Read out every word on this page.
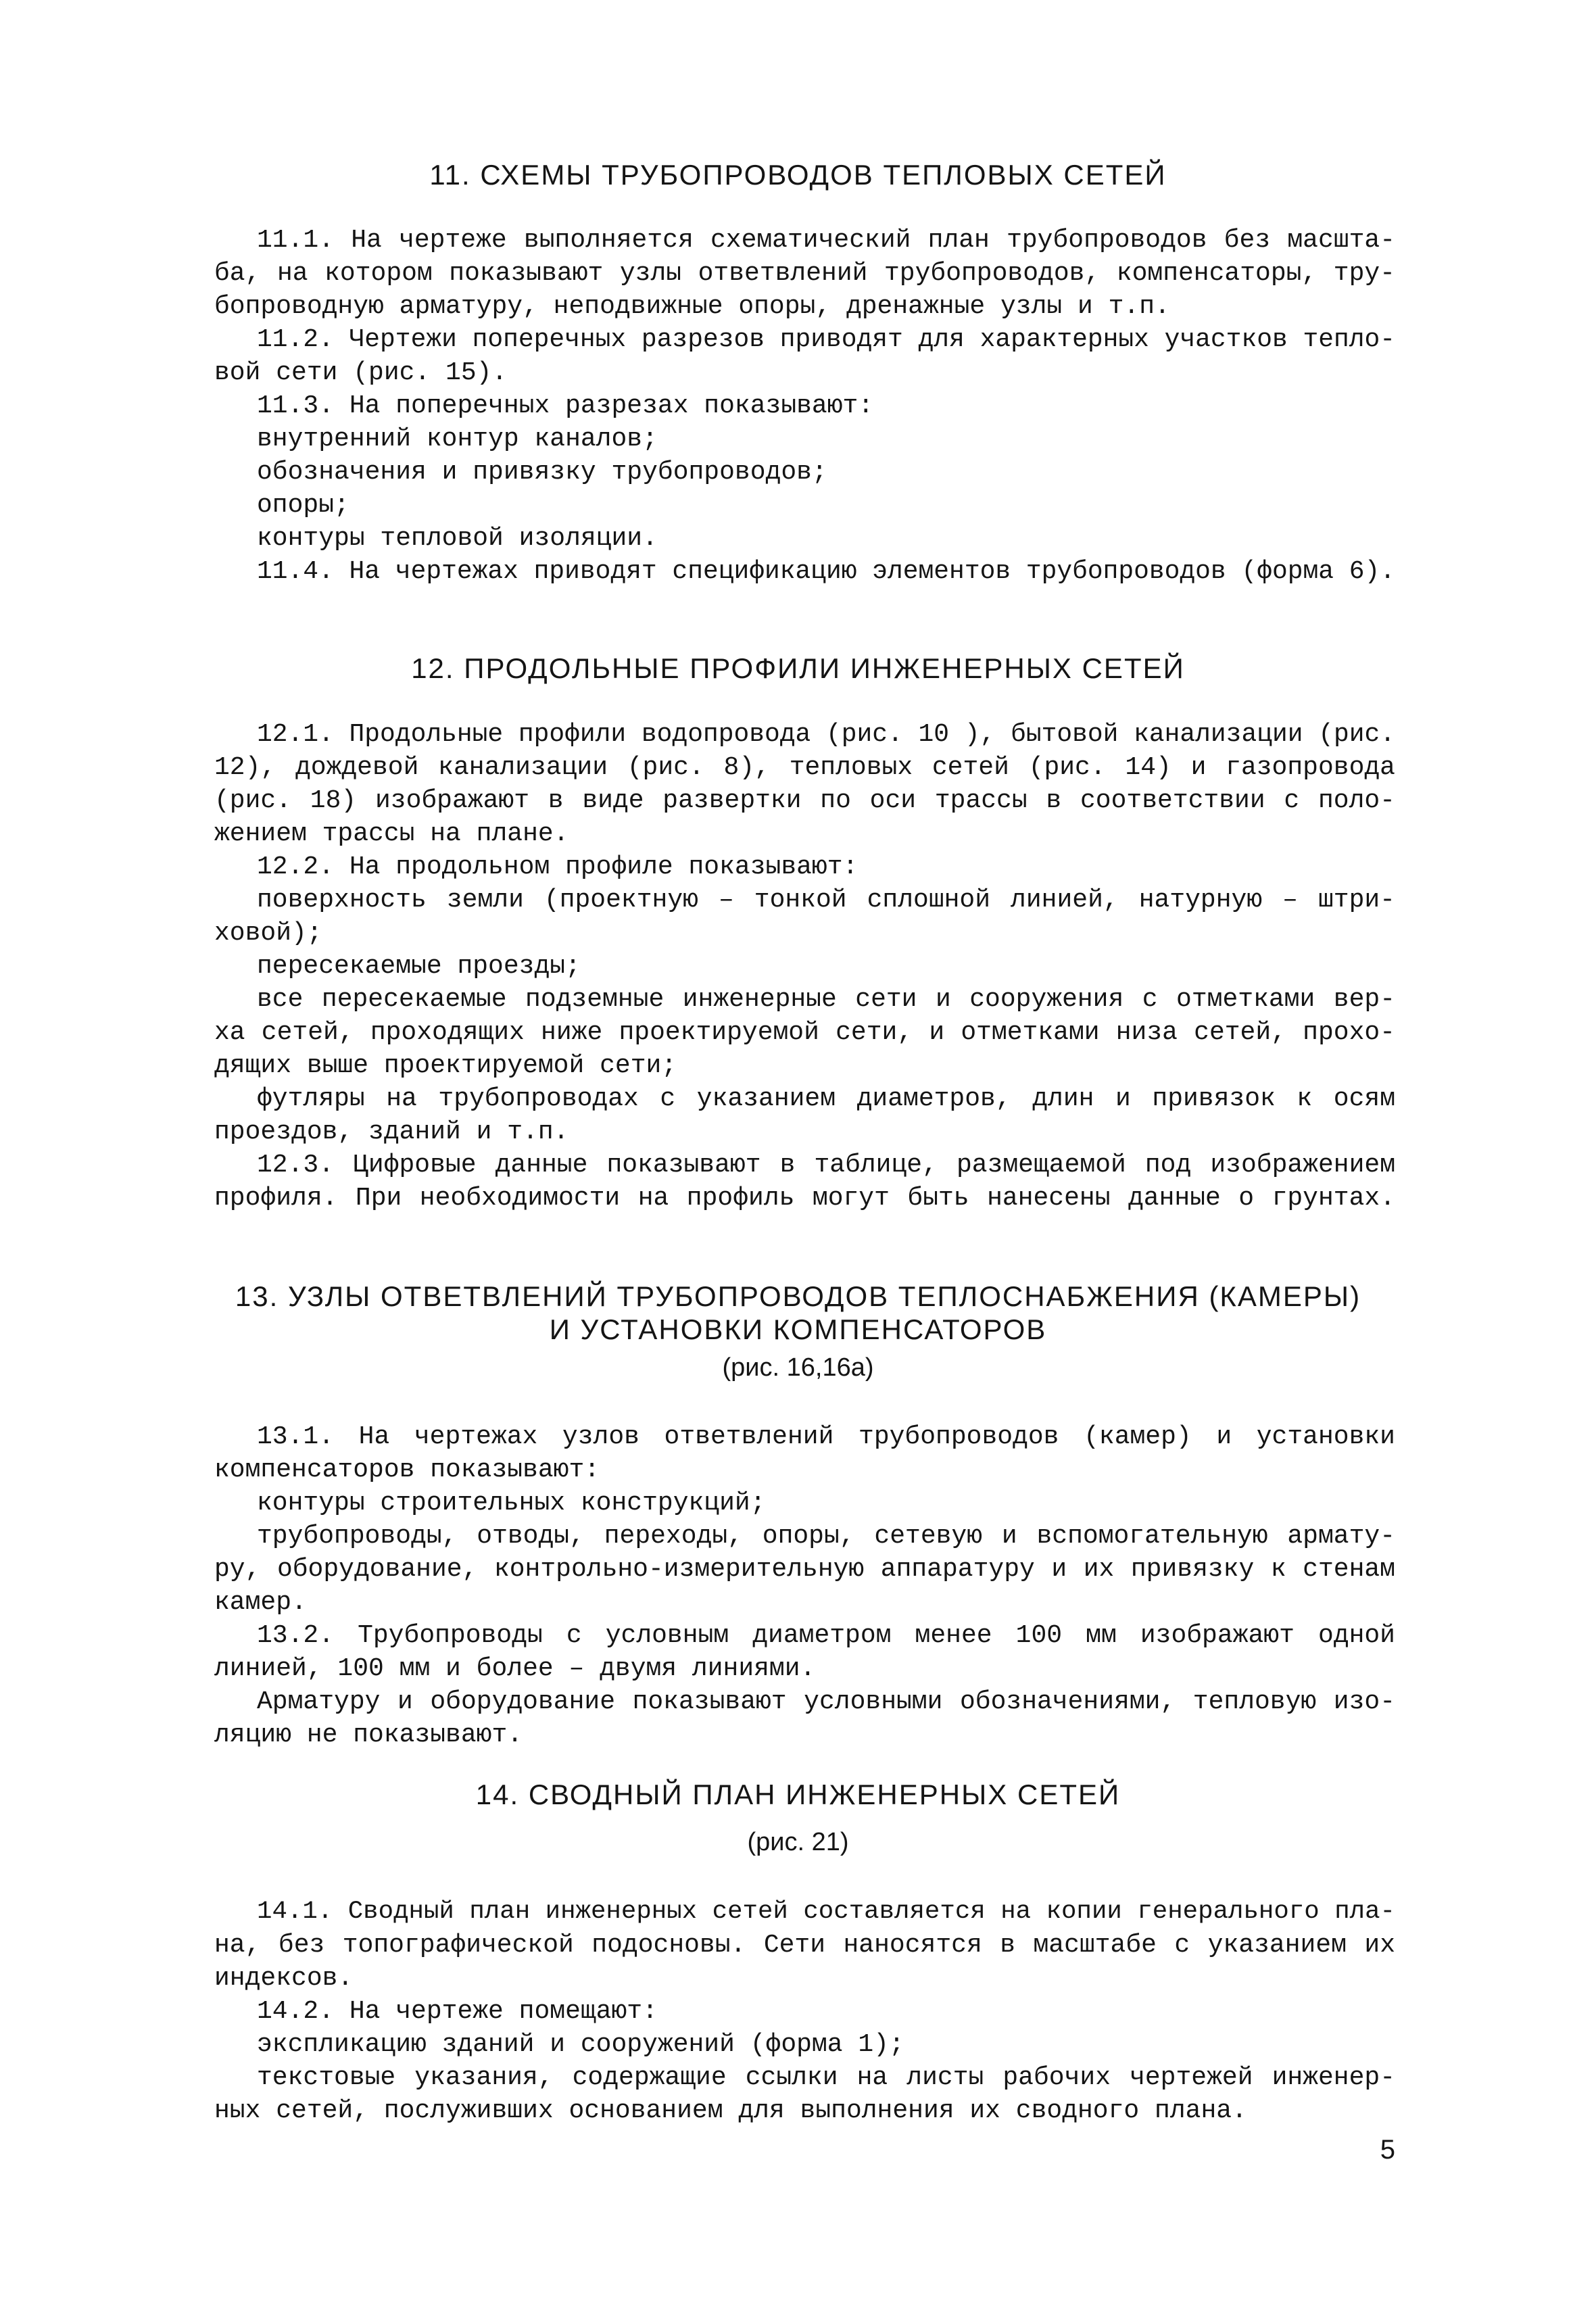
11. СХЕМЫ ТРУБОПРОВОДОВ ТЕПЛОВЫХ СЕТЕЙ

11.1. На чертеже выполняется схематический план трубопроводов без масшта-

ба, на котором показывают узлы ответвлений трубопроводов, компенсаторы, тру-

бопроводную арматуру, неподвижные опоры, дренажные узлы и т.п.

11.2. Чертежи поперечных разрезов приводят для характерных участков тепло-

вой сети (рис. 15).

11.3. На поперечных разрезах показывают:

внутренний контур каналов;

обозначения и привязку трубопроводов;

опоры;

контуры тепловой изоляции.

11.4. На чертежах приводят спецификацию элементов трубопроводов (форма 6).

12. ПРОДОЛЬНЫЕ ПРОФИЛИ ИНЖЕНЕРНЫХ СЕТЕЙ

12.1. Продольные профили водопровода (рис. 10 ), бытовой канализации (рис.

12), дождевой канализации (рис. 8), тепловых сетей (рис. 14) и газопровода

(рис. 18) изображают в виде развертки по оси трассы в соответствии с поло-

жением трассы на плане.

12.2. На продольном профиле показывают:

поверхность земли (проектную – тонкой сплошной линией, натурную – штри-

ховой);

пересекаемые проезды;

все пересекаемые подземные инженерные сети и сооружения с отметками вер-

ха сетей, проходящих ниже проектируемой сети, и отметками низа сетей, прохо-

дящих выше проектируемой сети;

футляры на трубопроводах с указанием диаметров, длин и привязок к осям

проездов, зданий и т.п.

12.3. Цифровые данные показывают в таблице, размещаемой под изображением

профиля. При необходимости на профиль могут быть нанесены данные о грунтах.

13. УЗЛЫ ОТВЕТВЛЕНИЙ ТРУБОПРОВОДОВ ТЕПЛОСНАБЖЕНИЯ (КАМЕРЫ)
И УСТАНОВКИ КОМПЕНСАТОРОВ

(рис. 16,16а)

13.1. На чертежах узлов ответвлений трубопроводов (камер) и установки

компенсаторов показывают:

контуры строительных конструкций;

трубопроводы, отводы, переходы, опоры, сетевую и вспомогательную армату-

ру, оборудование, контрольно-измерительную аппаратуру и их привязку к стенам

камер.

13.2. Трубопроводы с условным диаметром менее 100 мм изображают одной

линией, 100 мм и более – двумя линиями.

Арматуру и оборудование показывают условными обозначениями, тепловую изо-

ляцию не показывают.

14. СВОДНЫЙ ПЛАН ИНЖЕНЕРНЫХ СЕТЕЙ

(рис. 21)

14.1. Сводный план инженерных сетей составляется на копии генерального пла-

на, без топографической подосновы. Сети наносятся в масштабе с указанием их

индексов.

14.2. На чертеже помещают:

экспликацию зданий и сооружений (форма 1);

текстовые указания, содержащие ссылки на листы рабочих чертежей инженер-

ных сетей, послуживших основанием для выполнения их сводного плана.

5
